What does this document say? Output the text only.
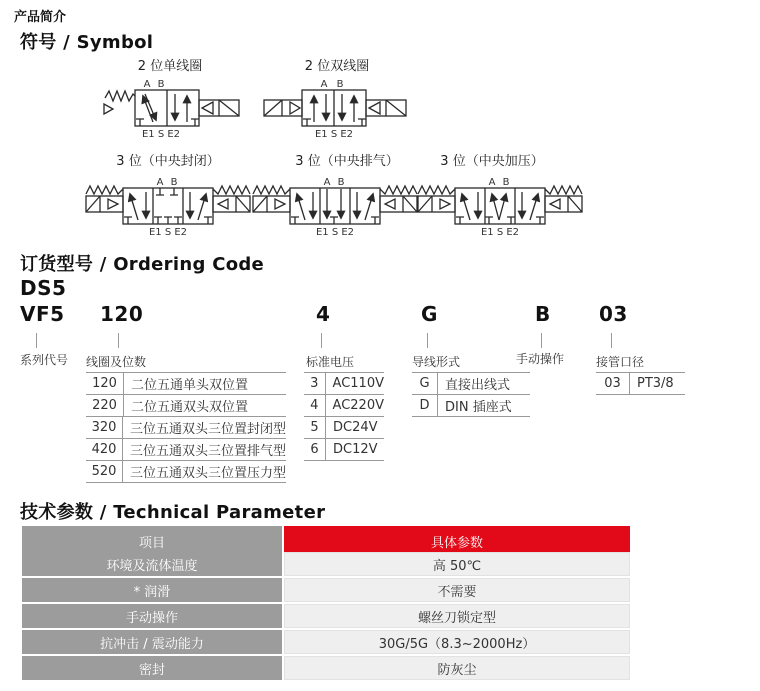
产品简介
符号 / Symbol
2 位单线圈	2 位双线圈
A B
E1 S E2
A B
E1 S E2
3 位（中央封闭）	3 位（中央排气）	3 位（中央加压）
A B
E1 S E2
A B
E1 S E2
A B
E1 S E2
订货型号 / Ordering Code
DS5
VF5 120	4	G	B 03
系列代号 线圈及位数	标准电压	导线形式	手动操作	接管口径
120	二位五通单头双位置
220	二位五通双头双位置
320	三位五通双头三位置封闭型
420	三位五通双头三位置排气型
520	三位五通双头三位置压力型
3	AC110V
4	AC220V
5	DC24V
6	DC12V
G	直接出线式
D	DIN 插座式
03	PT3/8
技术参数 / Technical Parameter
项目	具体参数
环境及流体温度	高 50℃
* 润滑	不需要
手动操作	螺丝刀锁定型
抗冲击 / 震动能力	30G/5G（8.3~2000Hz）
密封	防灰尘
